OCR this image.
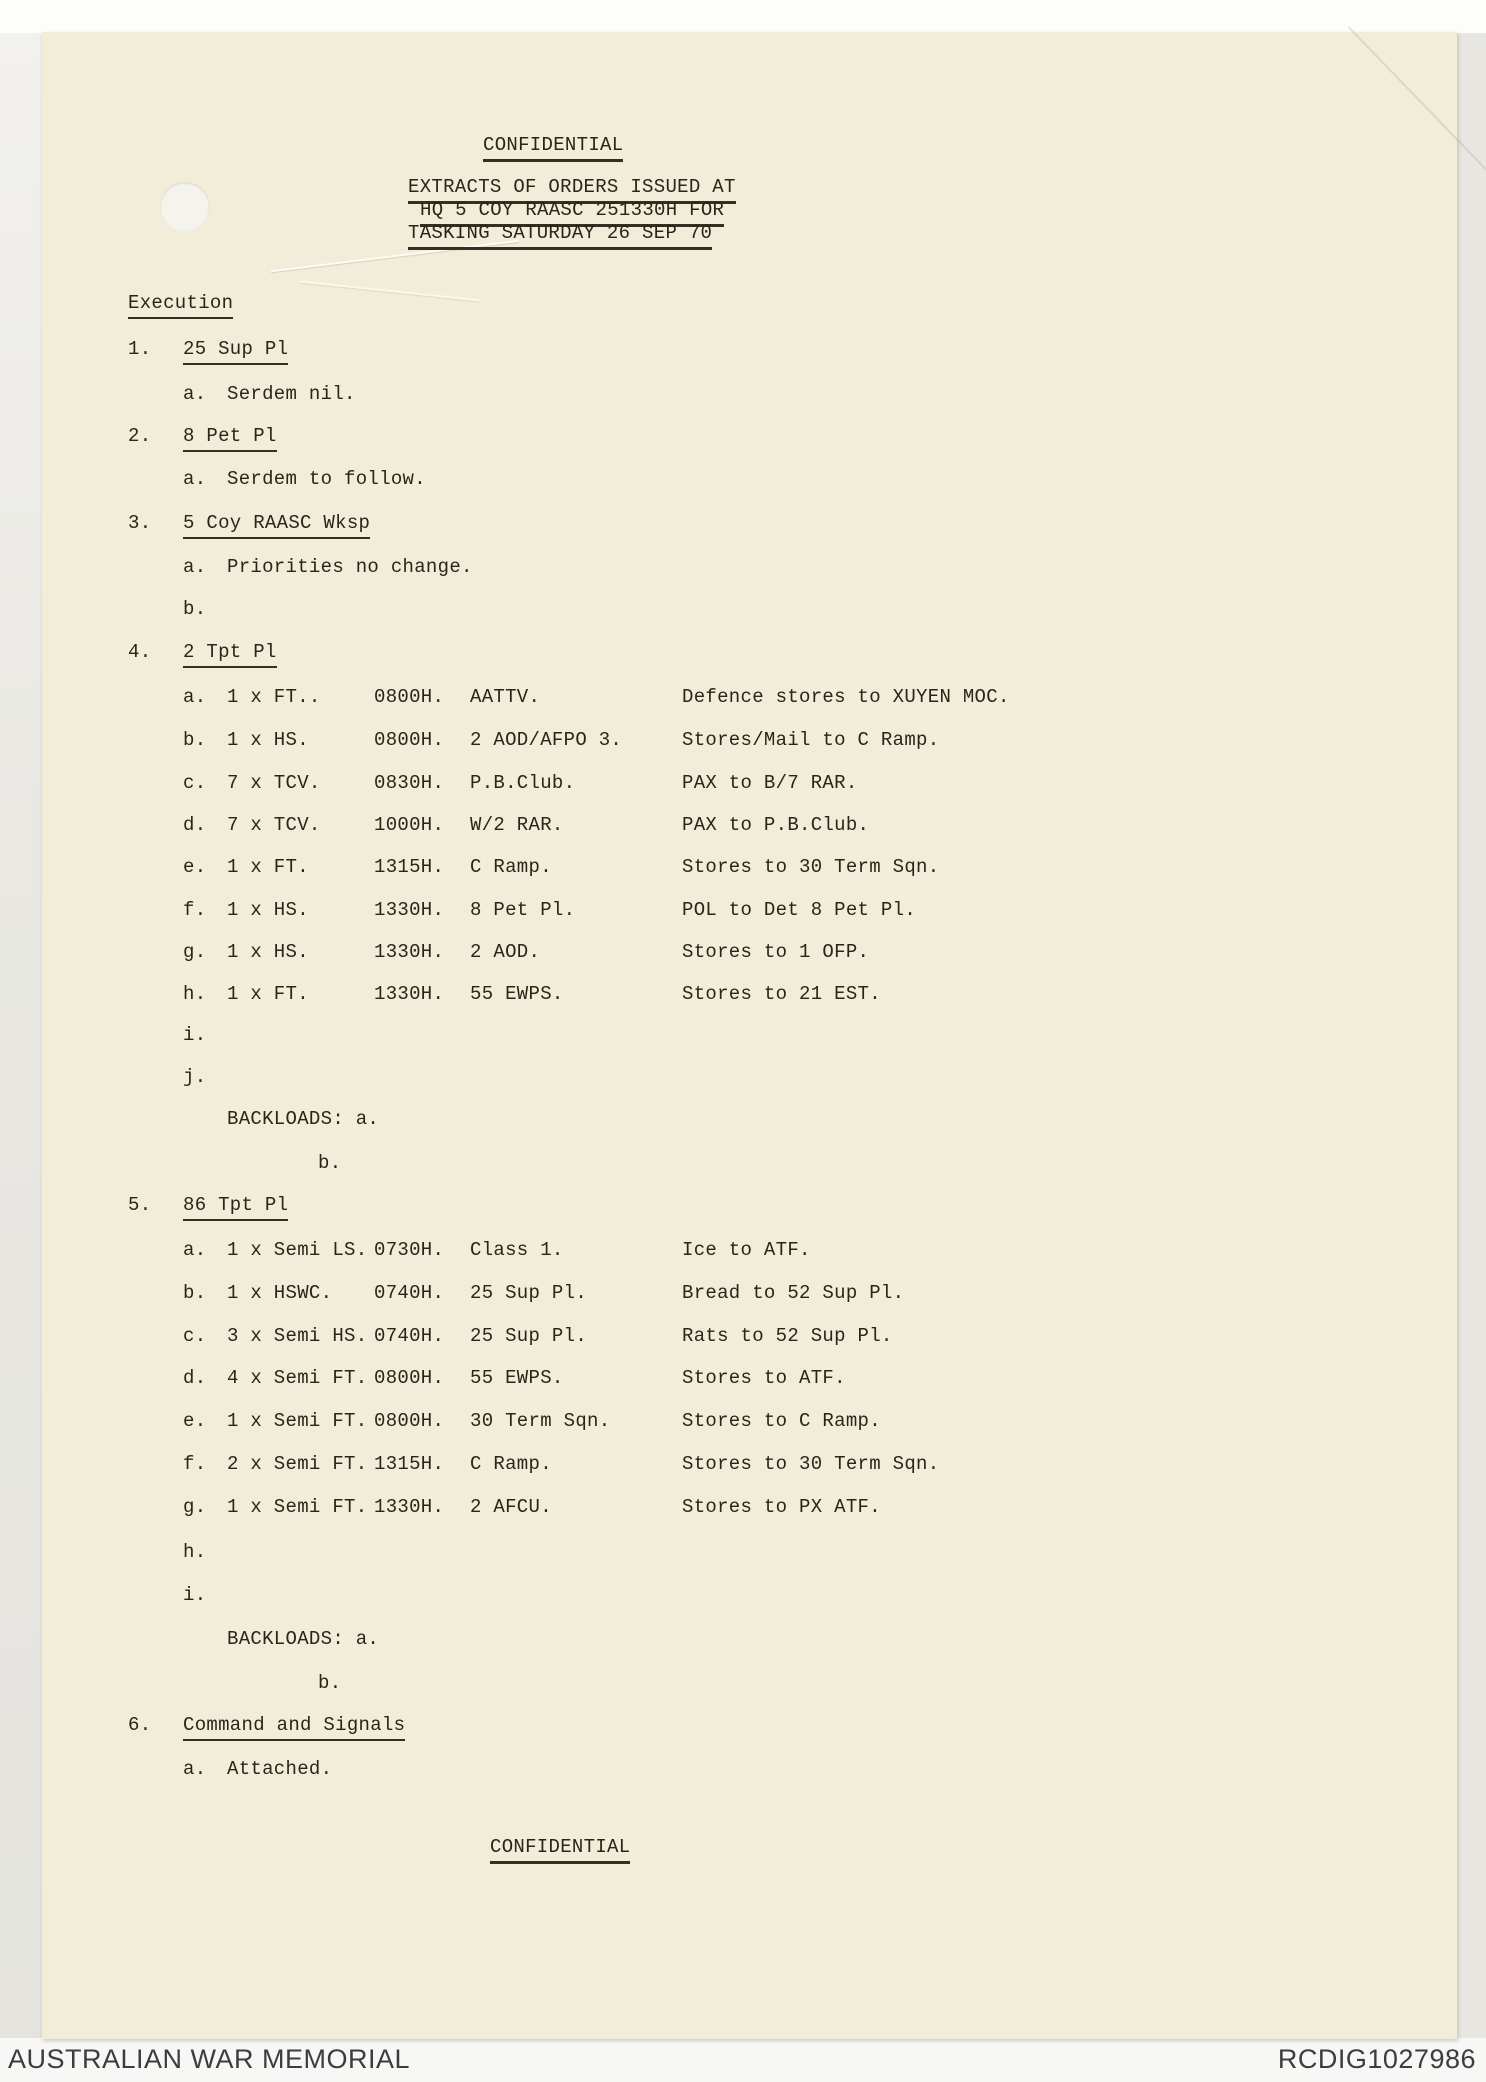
CONFIDENTIAL
EXTRACTS OF ORDERS ISSUED AT
HQ 5 COY RAASC 251330H FOR
TASKING SATURDAY 26 SEP 70
Execution
1. 25 Sup Pl
a. Serdem nil.
2. 8 Pet Pl
a. Serdem to follow.
3. 5 Coy RAASC Wksp
a. Priorities no change.
b.
4. 2 Tpt Pl
a. 1 x FT..	0800H. AATTV.	Defence stores to XUYEN MOC.
b. 1 x HS.	0800H. 2 AOD/AFPO 3.	Stores/Mail to C Ramp.
c. 7 x TCV.	0830H. P.B.Club.	PAX to B/7 RAR.
d. 7 x TCV.	1000H. W/2 RAR.	PAX to P.B.Club.
e. 1 x FT.	1315H. C Ramp.	Stores to 30 Term Sqn.
f. 1 x HS.	1330H. 8 Pet Pl.	POL to Det 8 Pet Pl.
g. 1 x HS.	1330H. 2 AOD.	Stores to 1 OFP.
h. 1 x FT.	1330H. 55 EWPS.	Stores to 21 EST.
i.
j.
BACKLOADS: a.
b.
5. 86 Tpt Pl
a. 1 x Semi LS. 0730H. Class 1.	Ice to ATF.
b. 1 x HSWC. 0740H. 25 Sup Pl.	Bread to 52 Sup Pl.
c. 3 x Semi HS. 0740H. 25 Sup Pl.	Rats to 52 Sup Pl.
d. 4 x Semi FT. 0800H. 55 EWPS.	Stores to ATF.
e. 1 x Semi FT. 0800H. 30 Term Sqn.	Stores to C Ramp.
f. 2 x Semi FT. 1315H. C Ramp.	Stores to 30 Term Sqn.
g. 1 x Semi FT. 1330H. 2 AFCU.	Stores to PX ATF.
h.
i.
BACKLOADS: a.
b.
6. Command and Signals
a. Attached.
CONFIDENTIAL
AUSTRALIAN WAR MEMORIAL	RCDIG1027986
